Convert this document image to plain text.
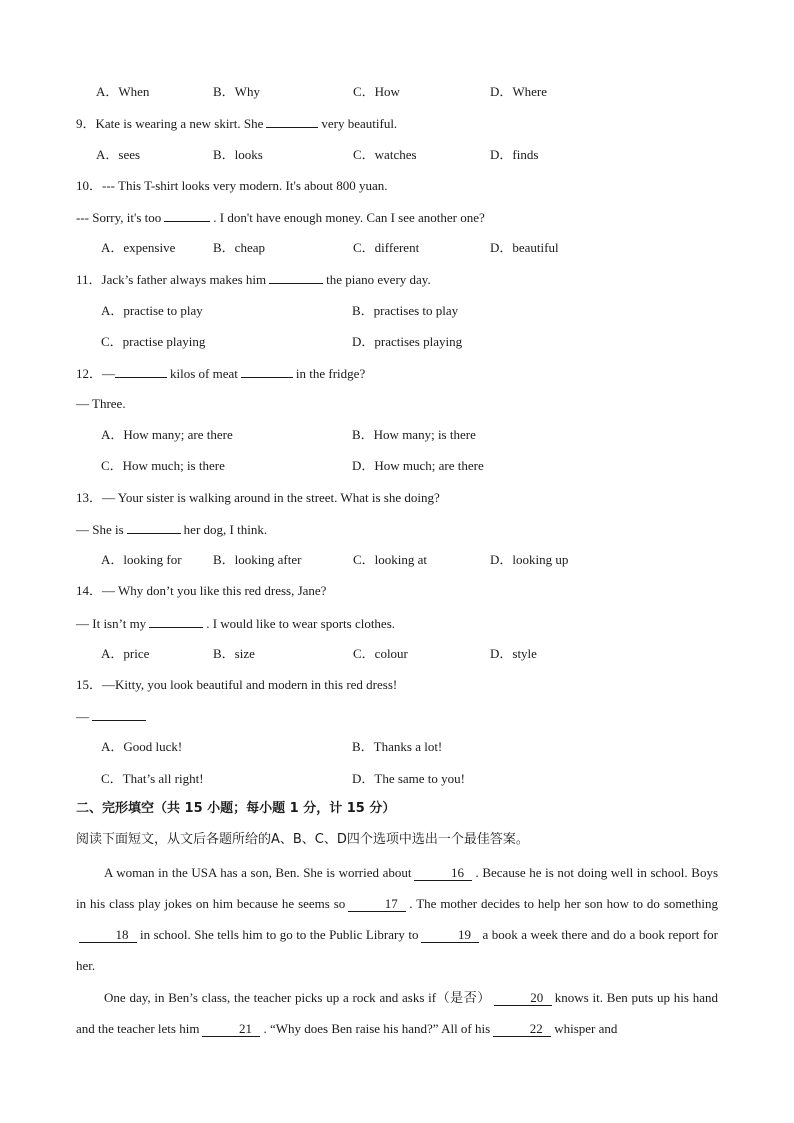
A．When	B．Why	C．How	D．Where
9．Kate is wearing a new skirt. She	very beautiful.
A．sees	B．looks	C．watches	D．finds
10．--- This T-shirt looks very modern. It's about 800 yuan.
--- Sorry, it's too	. I don't have enough money. Can I see another one?
A．expensive	B．cheap	C．different	D．beautiful
11．Jack’s father always makes him	the piano every day.
A．practise to play	B．practises to play
C．practise playing	D．practises playing
12．—	kilos of meat	in the fridge?
— Three.
A．How many; are there	B．How many; is there
C．How much; is there	D．How much; are there
13．— Your sister is walking around in the street. What is she doing?
— She is	her dog, I think.
A．looking for B．looking after	C．looking at	D．looking up
14．— Why don’t you like this red dress, Jane?
— It isn’t my	. I would like to wear sports clothes.
A．price	B．size	C．colour	D．style
15．—Kitty, you look beautiful and modern in this red dress!
—
A．Good luck!	B．Thanks a lot!
C．That’s all right!	D．The same to you!
二、完形填空（共 15 小题；每小题 1 分，计 15 分）
阅读下面短文，从文后各题所给的A、B、C、D四个选项中选出一个最佳答案。
A woman in the USA has a son, Ben. She is worried about	16 . Because he is not doing well in school. Boys in his class play jokes on him because he seems so	17 . The mother decides to help her son how to do something18 in school. She tells him to go to the Public Library to	19 a book a week there and do a book report for her.
One day, in Ben’s class, the teacher picks up a rock and asks if（是否）	20 knows it. Ben puts up his hand and the teacher lets him	21 . “Why does Ben raise his hand?” All of his	22 whisper and
